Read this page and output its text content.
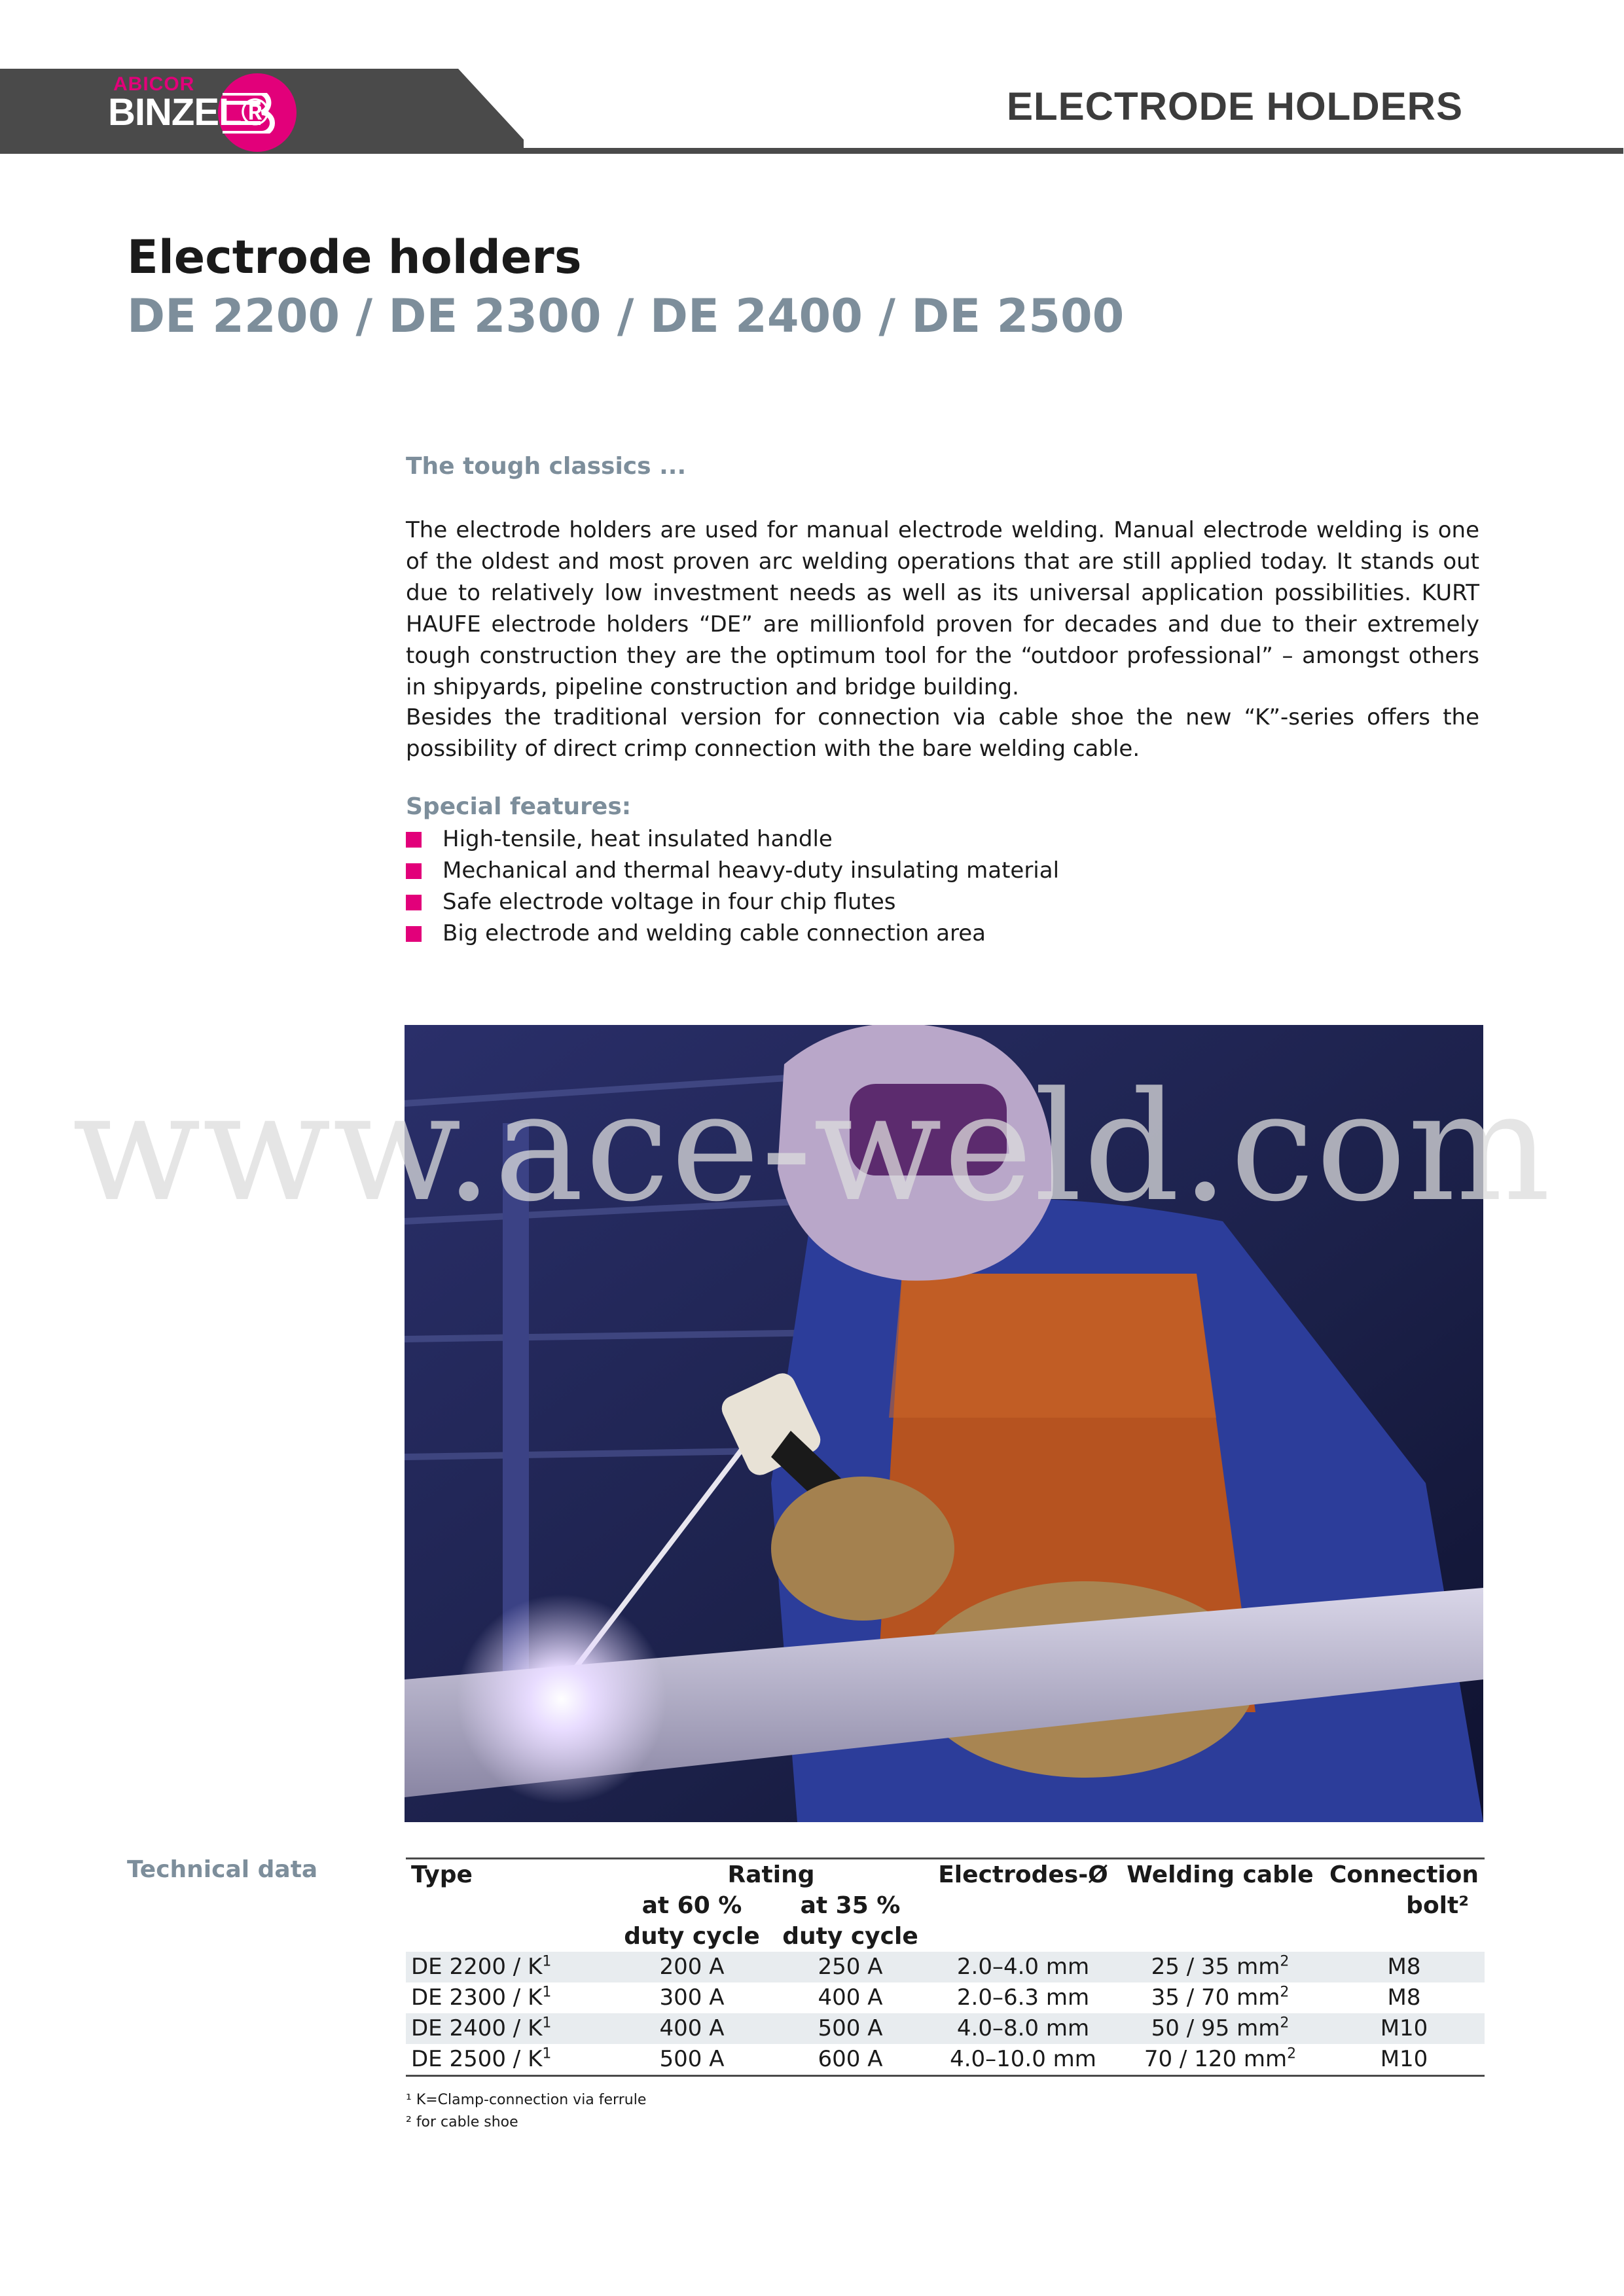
ABICOR
BINZEL®	ELECTRODE HOLDERS
Electrode holders
DE 2200 / DE 2300 / DE 2400 / DE 2500
The tough classics ...
The electrode holders are used for manual electrode welding. Manual electrode welding is one of the oldest and most proven arc welding operations that are still applied today. It stands out due to relatively low investment needs as well as its universal application possibilities. KURT HAUFE electrode holders “DE” are millionfold proven for decades and due to their extremely tough construction they are the optimum tool for the “outdoor professional” – amongst others in shipyards, pipeline construction and bridge building.
Besides the traditional version for connection via cable shoe the new “K”-series offers the possibility of direct crimp connection with the bare welding cable.
Special features:
High-tensile, heat insulated handle
Mechanical and thermal heavy-duty insulating material
Safe electrode voltage in four chip flutes
Big electrode and welding cable connection area
www.ace-weld.com
Technical data	Type	Rating		Electrodes-Ø	Welding cable	Connection
	at 60 %	at 35 %			bolt²
	duty cycle	duty cycle			
DE $2200 / K^1$	200 A	250 A	2.0–4.0 mm	25 / 35 $mm^2$	M8
DE $2300 / K^1$	300 A	400 A	2.0–6.3 mm	35 / 70 $mm^2$	M8
DE $2400 / K^1$	400 A	500 A	4.0–8.0 mm	50 / 95 $mm^2$	M10
DE $2500 / K^1$	500 A	600 A	4.0–10.0 mm	70 / 120 $mm^2$	M10
¹ K=Clamp-connection via ferrule
² for cable shoe
